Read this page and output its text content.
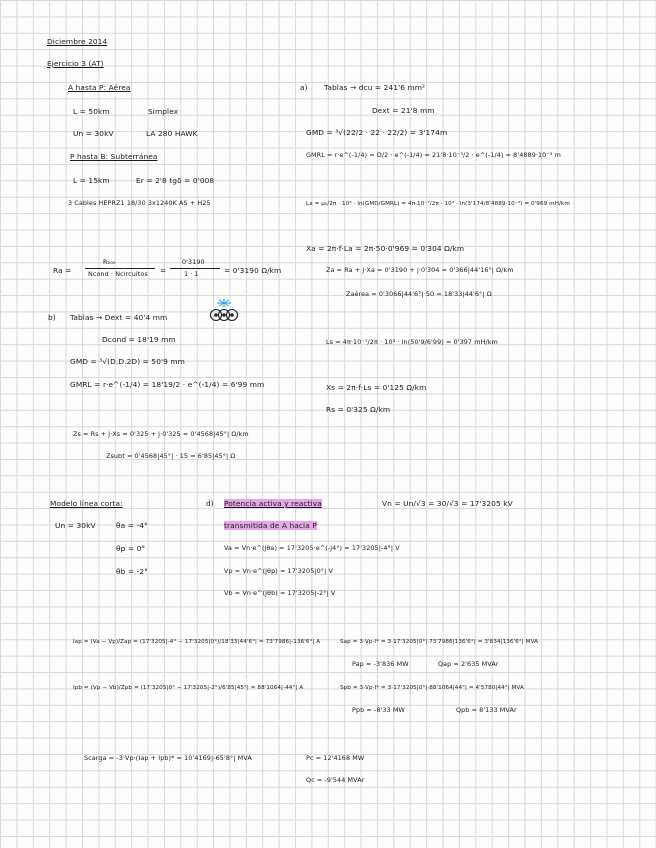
Diciembre 2014
Ejercicio 3 (AT)
A hasta P: Aérea
L = 50km	Simplex
Un = 30kV	LA 280 HAWK
P hasta B: Subterránea
L = 15km	Er = 2'8 tgδ = 0'008
3 Cables HEPRZ1 18/30 3x1240K AS + H25
a) Tablas → dcu = 241'6 mm²
Dext = 21'8 mm
GMD = ³√(22/2 · 22 · 22/2) = 3'174m
GMRL = r·e^(-1/4) = D/2 · e^(-1/4) = 21'8·10⁻³/2 · e^(-1/4) = 8'4889·10⁻³ m
La = μ₀/2π · 10³ · ln(GMD/GMRL) = 4π·10⁻⁷/2π · 10³ · ln(3'174/8'4889·10⁻³) = 0'969 mH/km
Xa = 2π·f·La = 2π·50·0'969 = 0'304 Ω/km
Za = Ra + j·Xa = 0'3190 + j·0'304 = 0'366|44'16°| Ω/km
Zaérea = 0'3066|44'6°|·50 = 18'33|44'6°| Ω
Ra =
R₂₀₀
Ncond · Ncircuitos =
0'3190
1 · 1	= 0'3190 Ω/km
b) Tablas → Dext = 40'4 mm
Dcond = 18'19 mm
GMD = ³√(D.D.2D) = 50'9 mm
GMRL = r·e^(-1/4) = 18'19/2 · e^(-1/4) = 6'99 mm
Zs = Rs + j·Xs = 0'325 + j·0'325 = 0'4568|45°| Ω/km
Zsubt = 0'4568|45°| · 15 = 6'85|45°| Ω
Ls = 4π·10⁻⁷/2π · 10³ · ln(50'9/6'99) = 0'397 mH/km
Xs = 2π·f·Ls = 0'125 Ω/km
Rs = 0'325 Ω/km
Modelo línea corta:
Un = 30kV	θa = -4°
θp = 0°
θb = -2°
d) Potencia activa y reactiva
transmitida de A hacia P
Vn = Un/√3 = 30/√3 = 17'3205 kV
Va = Vn·e^(jθa) = 17'3205·e^(-j4°) = 17'3205|-4°| V
Vp = Vn·e^(jθp) = 17'3205|0°| V
Vb = Vn·e^(jθb) = 17'3205|-2°| V
Iap = (Va − Vp)/Zap = (17'3205|-4° − 17'3205|0°)/18'33|44'6°| = 73'7986|-136'6°| A	Sap = 3·Vp·I* = 3·17'3205|0°|·73'7986|136'6°| = 3'834|136'6°| MVA
Pap = -3'836 MW	Qap = 2'635 MVAr
Ipb = (Vp − Vb)/Zpb = (17'3205|0° − 17'3205|-2°)/6'85|45°| = 88'1064|-44°| A	Spb = 3·Vp·I* = 3·17'3205|0°|·88'1064|44°| = 4'5780|44°| MVA
Ppb = -8'33 MW	Qpb = 8'133 MVAr
Scarga = -3·Vp·(Iap + Ipb)* = 10'4169|-65'8°| MVA	Pc = 12'4168 MW
Qc = -9'544 MVAr
